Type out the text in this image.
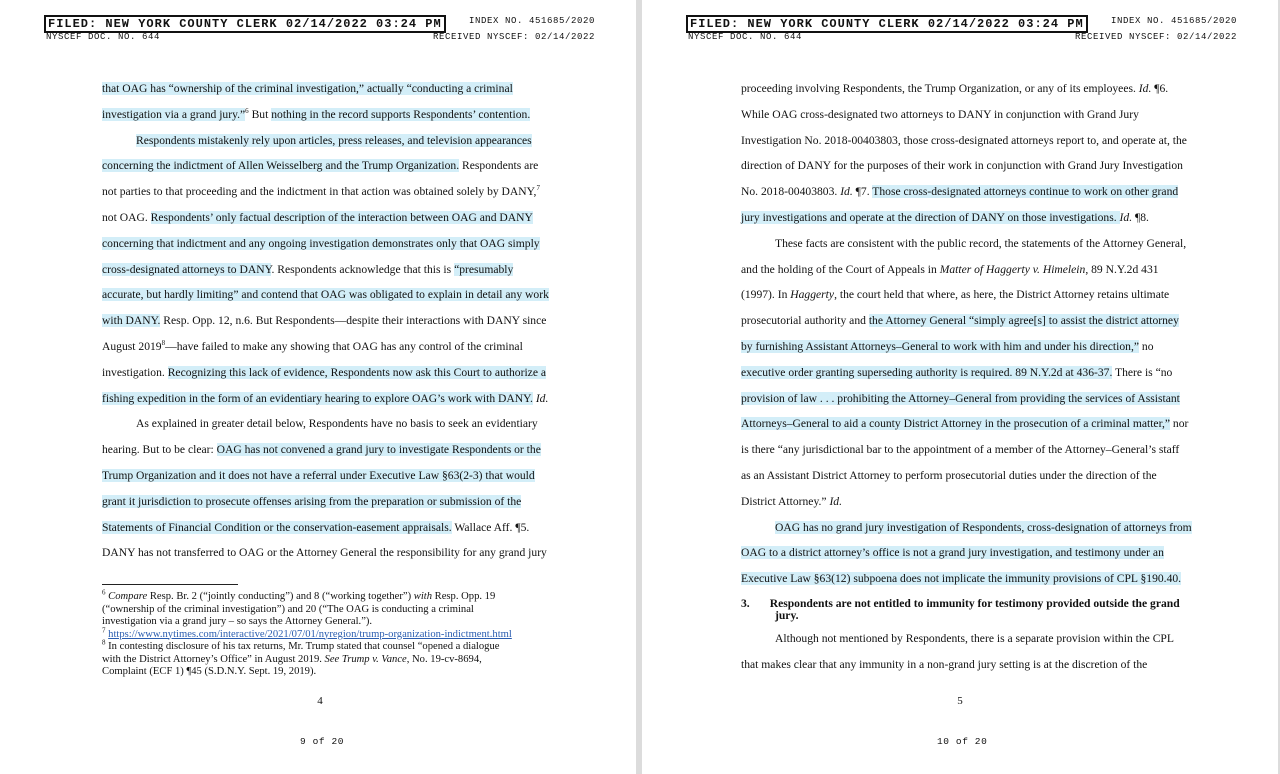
FILED: NEW YORK COUNTY CLERK 02/14/2022 03:24 PM
NYSCEF DOC. NO. 644
INDEX NO. 451685/2020
RECEIVED NYSCEF: 02/14/2022
that OAG has “ownership of the criminal investigation,” actually “conducting a criminal
investigation via a grand jury.”$^6$ But nothing in the record supports Respondents’ contention.
Respondents mistakenly rely upon articles, press releases, and television appearances
concerning the indictment of Allen Weisselberg and the Trump Organization. Respondents are
not parties to that proceeding and the indictment in that action was obtained solely by DANY,$^7$
not OAG. Respondents’ only factual description of the interaction between OAG and DANY
concerning that indictment and any ongoing investigation demonstrates only that OAG simply
cross-designated attorneys to DANY. Respondents acknowledge that this is “presumably
accurate, but hardly limiting” and contend that OAG was obligated to explain in detail any work
with DANY. Resp. Opp. 12, n.6. But Respondents—despite their interactions with DANY since
August 2019$^8$—have failed to make any showing that OAG has any control of the criminal
investigation. Recognizing this lack of evidence, Respondents now ask this Court to authorize a
fishing expedition in the form of an evidentiary hearing to explore OAG’s work with DANY. Id.
As explained in greater detail below, Respondents have no basis to seek an evidentiary
hearing. But to be clear: OAG has not convened a grand jury to investigate Respondents or the
Trump Organization and it does not have a referral under Executive Law §63(2-3) that would
grant it jurisdiction to prosecute offenses arising from the preparation or submission of the
Statements of Financial Condition or the conservation-easement appraisals. Wallace Aff. ¶5.
DANY has not transferred to OAG or the Attorney General the responsibility for any grand jury
$^6$ Compare Resp. Br. 2 (“jointly conducting”) and 8 (“working together”) with Resp. Opp. 19
(“ownership of the criminal investigation”) and 20 (“The OAG is conducting a criminal
investigation via a grand jury – so says the Attorney General.”).
$^7$ https://www.nytimes.com/interactive/2021/07/01/nyregion/trump-organization-indictment.html
$^8$ In contesting disclosure of his tax returns, Mr. Trump stated that counsel “opened a dialogue
with the District Attorney’s Office” in August 2019. See Trump v. Vance, No. 19-cv-8694,
Complaint (ECF 1) ¶45 (S.D.N.Y. Sept. 19, 2019).
4
9 of 20
FILED: NEW YORK COUNTY CLERK 02/14/2022 03:24 PM
NYSCEF DOC. NO. 644
INDEX NO. 451685/2020
RECEIVED NYSCEF: 02/14/2022
proceeding involving Respondents, the Trump Organization, or any of its employees. Id. ¶6.
While OAG cross-designated two attorneys to DANY in conjunction with Grand Jury
Investigation No. 2018-00403803, those cross-designated attorneys report to, and operate at, the
direction of DANY for the purposes of their work in conjunction with Grand Jury Investigation
No. 2018-00403803. Id. ¶7. Those cross-designated attorneys continue to work on other grand
jury investigations and operate at the direction of DANY on those investigations. Id. ¶8.
These facts are consistent with the public record, the statements of the Attorney General,
and the holding of the Court of Appeals in Matter of Haggerty v. Himelein, 89 N.Y.2d 431
(1997). In Haggerty, the court held that where, as here, the District Attorney retains ultimate
prosecutorial authority and the Attorney General “simply agree[s] to assist the district attorney
by furnishing Assistant Attorneys–General to work with him and under his direction,” no
executive order granting superseding authority is required. 89 N.Y.2d at 436-37. There is “no
provision of law . . . prohibiting the Attorney–General from providing the services of Assistant
Attorneys–General to aid a county District Attorney in the prosecution of a criminal matter,” nor
is there “any jurisdictional bar to the appointment of a member of the Attorney–General’s staff
as an Assistant District Attorney to perform prosecutorial duties under the direction of the
District Attorney.” Id.
OAG has no grand jury investigation of Respondents, cross-designation of attorneys from
OAG to a district attorney’s office is not a grand jury investigation, and testimony under an
Executive Law §63(12) subpoena does not implicate the immunity provisions of CPL §190.40.
3. Respondents are not entitled to immunity for testimony provided outside the grand
jury.
Although not mentioned by Respondents, there is a separate provision within the CPL
that makes clear that any immunity in a non-grand jury setting is at the discretion of the
5
10 of 20
